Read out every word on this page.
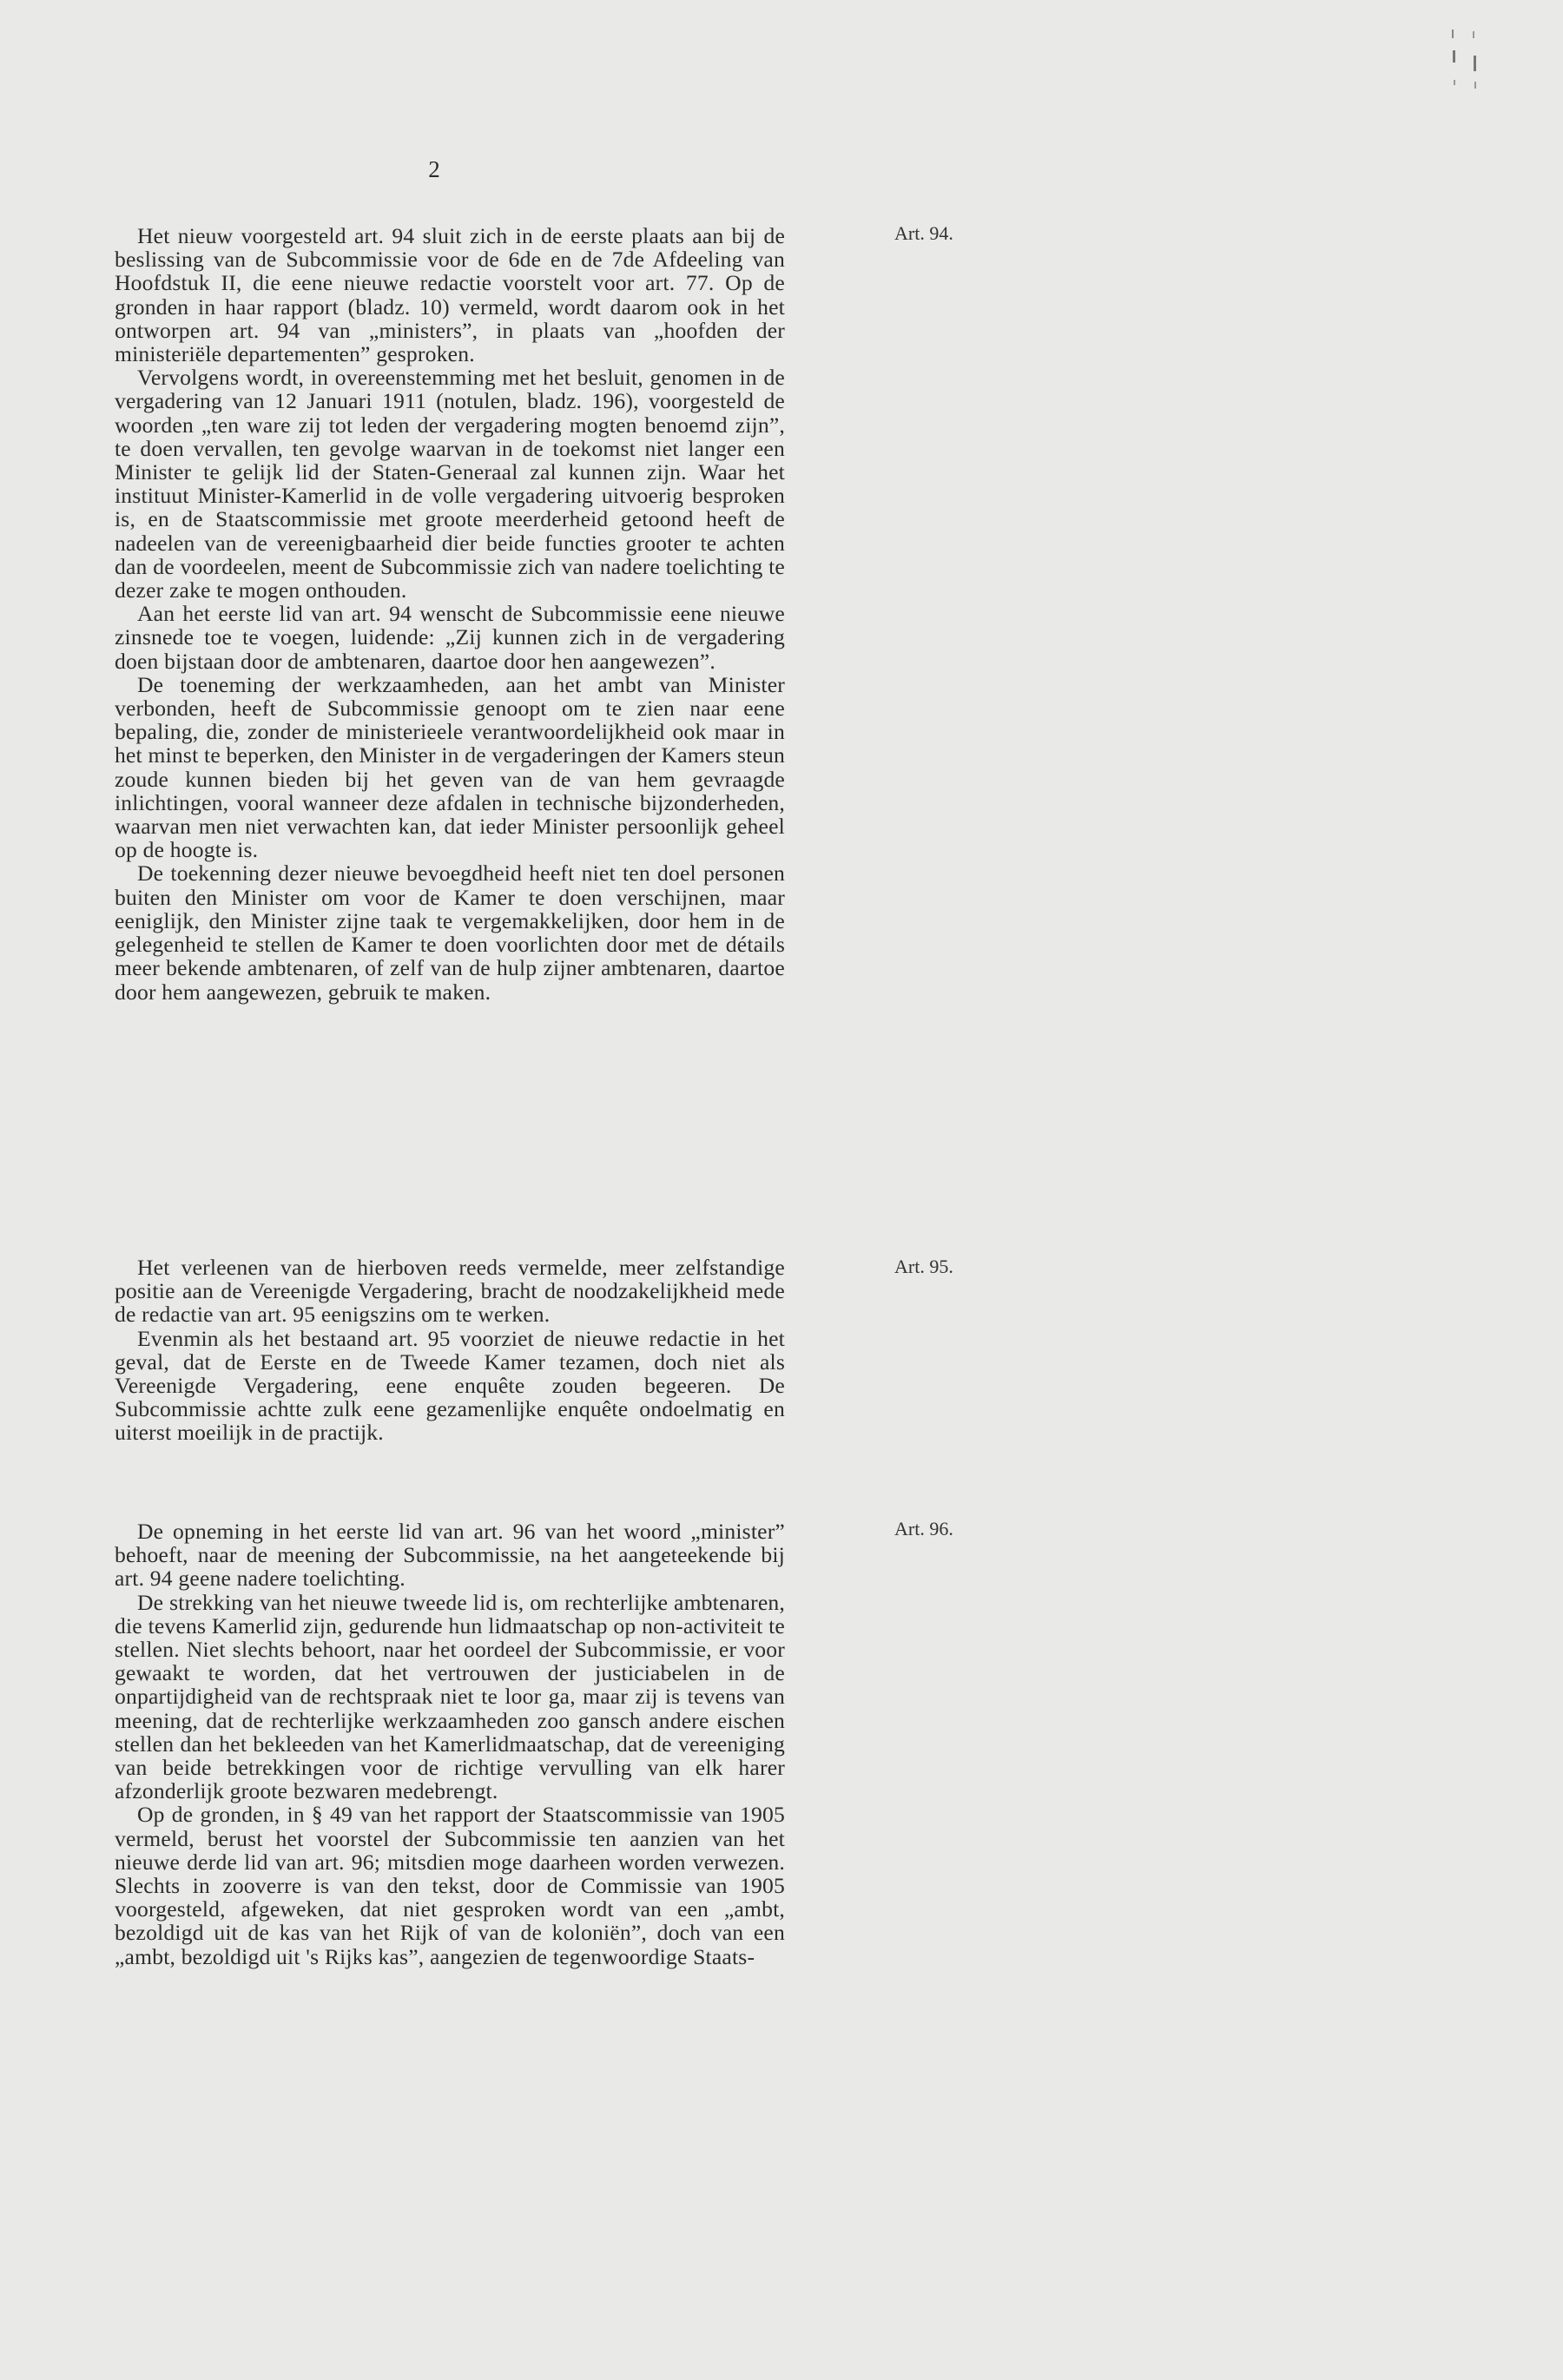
2
Art. 94.

Het nieuw voorgesteld art. 94 sluit zich in de eerste plaats aan bij de beslissing van de Subcommissie voor de 6de en de 7de Afdeeling van Hoofdstuk II, die eene nieuwe redactie voorstelt voor art. 77. Op de gronden in haar rapport (bladz. 10) vermeld, wordt daarom ook in het ontworpen art. 94 van „ministers”, in plaats van „hoofden der ministeriële departementen” gesproken.

Vervolgens wordt, in overeenstemming met het besluit, genomen in de vergadering van 12 Januari 1911 (notulen, bladz. 196), voorgesteld de woorden „ten ware zij tot leden der vergadering mogten benoemd zijn”, te doen vervallen, ten gevolge waarvan in de toekomst niet langer een Minister te gelijk lid der Staten-Generaal zal kunnen zijn. Waar het instituut Minister-Kamerlid in de volle vergadering uitvoerig besproken is, en de Staatscommissie met groote meerderheid getoond heeft de nadeelen van de vereenigbaarheid dier beide functies grooter te achten dan de voordeelen, meent de Subcommissie zich van nadere toelichting te dezer zake te mogen onthouden.

Aan het eerste lid van art. 94 wenscht de Subcommissie eene nieuwe zinsnede toe te voegen, luidende: „Zij kunnen zich in de vergadering doen bijstaan door de ambtenaren, daartoe door hen aangewezen”.

De toeneming der werkzaamheden, aan het ambt van Minister verbonden, heeft de Subcommissie genoopt om te zien naar eene bepaling, die, zonder de ministerieele verantwoordelijkheid ook maar in het minst te beperken, den Minister in de vergaderingen der Kamers steun zoude kunnen bieden bij het geven van de van hem gevraagde inlichtingen, vooral wanneer deze afdalen in technische bijzonderheden, waarvan men niet verwachten kan, dat ieder Minister persoonlijk geheel op de hoogte is.

De toekenning dezer nieuwe bevoegdheid heeft niet ten doel personen buiten den Minister om voor de Kamer te doen verschijnen, maar eeniglijk, den Minister zijne taak te vergemakkelijken, door hem in de gelegenheid te stellen de Kamer te doen voorlichten door met de détails meer bekende ambtenaren, of zelf van de hulp zijner ambtenaren, daartoe door hem aangewezen, gebruik te maken.

Art. 95.

Het verleenen van de hierboven reeds vermelde, meer zelfstandige positie aan de Vereenigde Vergadering, bracht de noodzakelijkheid mede de redactie van art. 95 eenigszins om te werken.

Evenmin als het bestaand art. 95 voorziet de nieuwe redactie in het geval, dat de Eerste en de Tweede Kamer tezamen, doch niet als Vereenigde Vergadering, eene enquête zouden begeeren. De Subcommissie achtte zulk eene gezamenlijke enquête ondoelmatig en uiterst moeilijk in de practijk.

Art. 96.

De opneming in het eerste lid van art. 96 van het woord „minister” behoeft, naar de meening der Subcommissie, na het aangeteekende bij art. 94 geene nadere toelichting.

De strekking van het nieuwe tweede lid is, om rechterlijke ambtenaren, die tevens Kamerlid zijn, gedurende hun lidmaatschap op non-activiteit te stellen. Niet slechts behoort, naar het oordeel der Subcommissie, er voor gewaakt te worden, dat het vertrouwen der justiciabelen in de onpartijdigheid van de rechtspraak niet te loor ga, maar zij is tevens van meening, dat de rechterlijke werkzaamheden zoo gansch andere eischen stellen dan het bekleeden van het Kamerlidmaatschap, dat de vereeniging van beide betrekkingen voor de richtige vervulling van elk harer afzonderlijk groote bezwaren medebrengt.

Op de gronden, in § 49 van het rapport der Staatscommissie van 1905 vermeld, berust het voorstel der Subcommissie ten aanzien van het nieuwe derde lid van art. 96; mitsdien moge daarheen worden verwezen. Slechts in zooverre is van den tekst, door de Commissie van 1905 voorgesteld, afgeweken, dat niet gesproken wordt van een „ambt, bezoldigd uit de kas van het Rijk of van de koloniën”, doch van een „ambt, bezoldigd uit 's Rijks kas”, aangezien de tegenwoordige Staats-
